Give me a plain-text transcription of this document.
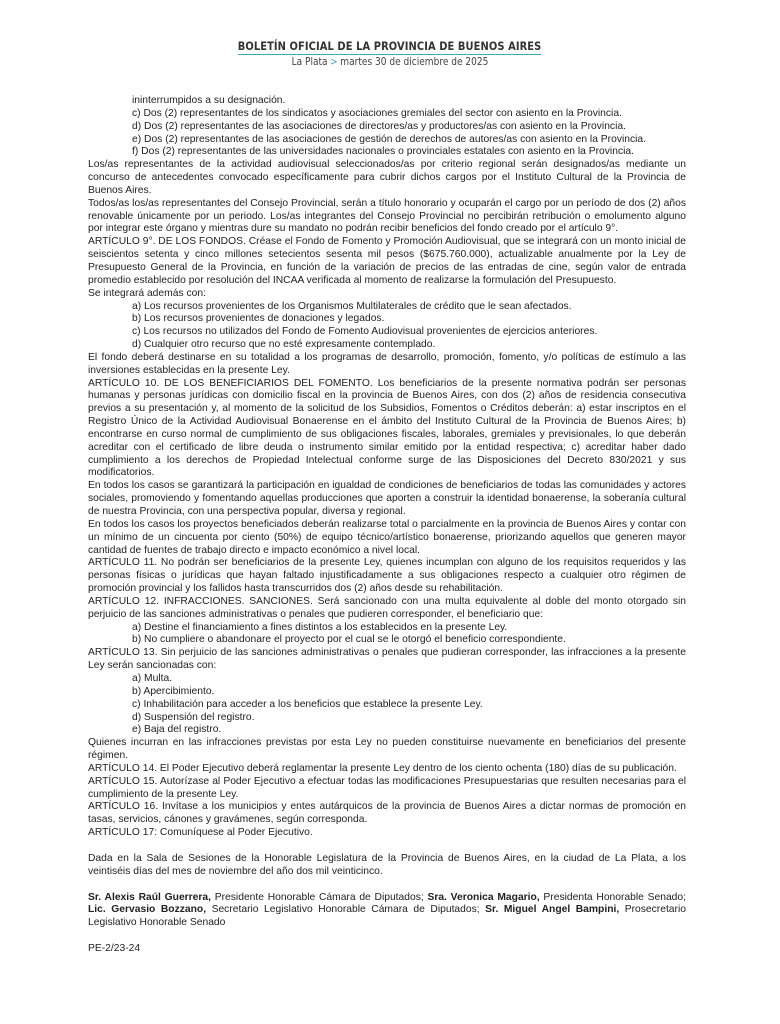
BOLETÍN OFICIAL DE LA PROVINCIA DE BUENOS AIRES
La Plata > martes 30 de diciembre de 2025

ininterrumpidos a su designación.

c) Dos (2) representantes de los sindicatos y asociaciones gremiales del sector con asiento en la Provincia.

d) Dos (2) representantes de las asociaciones de directores/as y productores/as con asiento en la Provincia.

e) Dos (2) representantes de las asociaciones de gestión de derechos de autores/as con asiento en la Provincia.

f) Dos (2) representantes de las universidades nacionales o provinciales estatales con asiento en la Provincia.

Los/as representantes de la actividad audiovisual seleccionados/as por criterio regional serán designados/as mediante un concurso de antecedentes convocado específicamente para cubrir dichos cargos por el Instituto Cultural de la Provincia de Buenos Aires.

Todos/as los/as representantes del Consejo Provincial, serán a título honorario y ocuparán el cargo por un período de dos (2) años renovable únicamente por un periodo. Los/as integrantes del Consejo Provincial no percibirán retribución o emolumento alguno por integrar este órgano y mientras dure su mandato no podrán recibir beneficios del fondo creado por el artículo 9°.

ARTÍCULO 9°. DE LOS FONDOS. Créase el Fondo de Fomento y Promoción Audiovisual, que se integrará con un monto inicial de seiscientos setenta y cinco millones setecientos sesenta mil pesos ($675.760.000), actualizable anualmente por la Ley de Presupuesto General de la Provincia, en función de la variación de precios de las entradas de cine, según valor de entrada promedio establecido por resolución del INCAA verificada al momento de realizarse la formulación del Presupuesto.

Se integrará además con:

a) Los recursos provenientes de los Organismos Multilaterales de crédito que le sean afectados.

b) Los recursos provenientes de donaciones y legados.

c) Los recursos no utilizados del Fondo de Fomento Audiovisual provenientes de ejercicios anteriores.

d) Cualquier otro recurso que no esté expresamente contemplado.

El fondo deberá destinarse en su totalidad a los programas de desarrollo, promoción, fomento, y/o políticas de estímulo a las inversiones establecidas en la presente Ley.

ARTÍCULO 10. DE LOS BENEFICIARIOS DEL FOMENTO. Los beneficiarios de la presente normativa podrán ser personas humanas y personas jurídicas con domicilio fiscal en la provincia de Buenos Aires, con dos (2) años de residencia consecutiva previos a su presentación y, al momento de la solicitud de los Subsidios, Fomentos o Créditos deberán: a) estar inscriptos en el Registro Único de la Actividad Audiovisual Bonaerense en el ámbito del Instituto Cultural de la Provincia de Buenos Aires; b) encontrarse en curso normal de cumplimiento de sus obligaciones fiscales, laborales, gremiales y previsionales, lo que deberán acreditar con el certificado de libre deuda o instrumento similar emitido por la entidad respectiva; c) acreditar haber dado cumplimiento a los derechos de Propiedad Intelectual conforme surge de las Disposiciones del Decreto 830/2021 y sus modificatorios.

En todos los casos se garantizará la participación en igualdad de condiciones de beneficiarios de todas las comunidades y actores sociales, promoviendo y fomentando aquellas producciones que aporten a construir la identidad bonaerense, la soberanía cultural de nuestra Provincia, con una perspectiva popular, diversa y regional.

En todos los casos los proyectos beneficiados deberán realizarse total o parcialmente en la provincia de Buenos Aires y contar con un mínimo de un cincuenta por ciento (50%) de equipo técnico/artístico bonaerense, priorizando aquellos que generen mayor cantidad de fuentes de trabajo directo e impacto económico a nivel local.

ARTÍCULO 11. No podrán ser beneficiarios de la presente Ley, quienes incumplan con alguno de los requisitos requeridos y las personas físicas o jurídicas que hayan faltado injustificadamente a sus obligaciones respecto a cualquier otro régimen de promoción provincial y los fallidos hasta transcurridos dos (2) años desde su rehabilitación.

ARTÍCULO 12. INFRACCIONES. SANCIONES. Será sancionado con una multa equivalente al doble del monto otorgado sin perjuicio de las sanciones administrativas o penales que pudieren corresponder, el beneficiario que:

a) Destine el financiamiento a fines distintos a los establecidos en la presente Ley.

b) No cumpliere o abandonare el proyecto por el cual se le otorgó el beneficio correspondiente.

ARTÍCULO 13. Sin perjuicio de las sanciones administrativas o penales que pudieran corresponder, las infracciones a la presente Ley serán sancionadas con:

a) Multa.

b) Apercibimiento.

c) Inhabilitación para acceder a los beneficios que establece la presente Ley.

d) Suspensión del registro.

e) Baja del registro.

Quienes incurran en las infracciones previstas por esta Ley no pueden constituirse nuevamente en beneficiarios del presente régimen.

ARTÍCULO 14. El Poder Ejecutivo deberá reglamentar la presente Ley dentro de los ciento ochenta (180) días de su publicación.

ARTÍCULO 15. Autorízase al Poder Ejecutivo a efectuar todas las modificaciones Presupuestarias que resulten necesarias para el cumplimiento de la presente Ley.

ARTÍCULO 16. Invítase a los municipios y entes autárquicos de la provincia de Buenos Aires a dictar normas de promoción en tasas, servicios, cánones y gravámenes, según corresponda.

ARTÍCULO 17: Comuníquese al Poder Ejecutivo.

Dada en la Sala de Sesiones de la Honorable Legislatura de la Provincia de Buenos Aires, en la ciudad de La Plata, a los veintiséis días del mes de noviembre del año dos mil veinticinco.

Sr. Alexis Raúl Guerrera, Presidente Honorable Cámara de Diputados; Sra. Veronica Magario, Presidenta Honorable Senado; Lic. Gervasio Bozzano, Secretario Legislativo Honorable Cámara de Diputados; Sr. Miguel Angel Bampini, Prosecretario Legislativo Honorable Senado

PE-2/23-24
